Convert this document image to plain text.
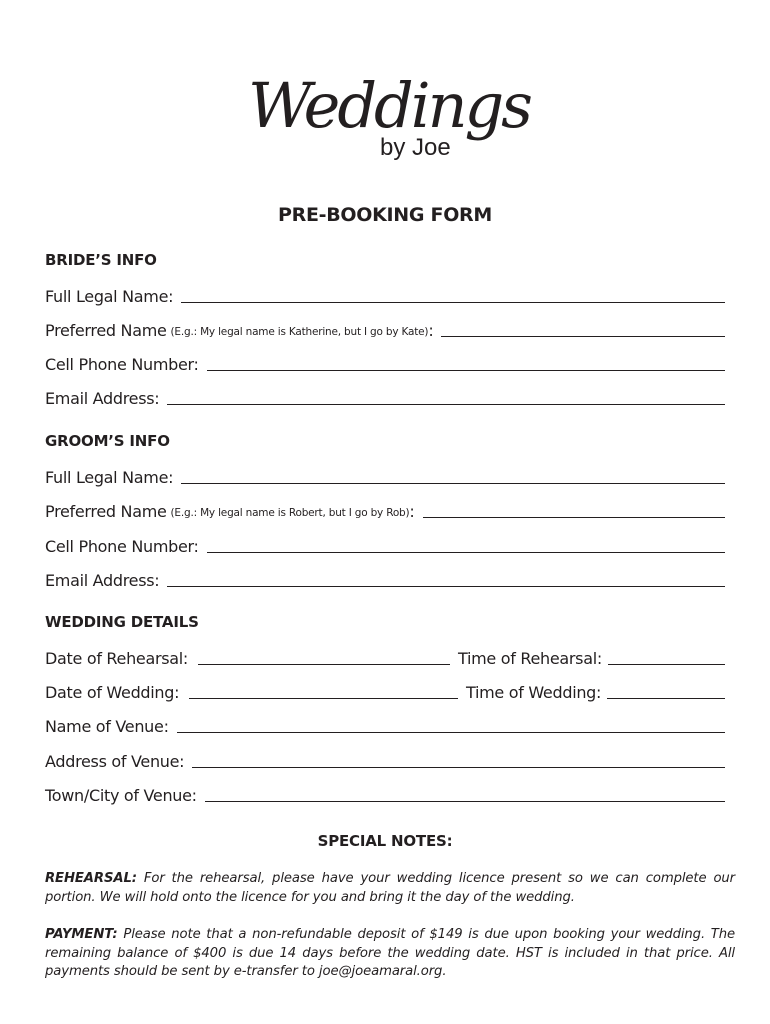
Weddings
by Joe
PRE-BOOKING FORM
BRIDE’S INFO
Full Legal Name:
Preferred Name (E.g.: My legal name is Katherine, but I go by Kate) :
Cell Phone Number:
Email Address:
GROOM’S INFO
Full Legal Name:
Preferred Name (E.g.: My legal name is Robert, but I go by Rob) :
Cell Phone Number:
Email Address:
WEDDING DETAILS
Date of Rehearsal:	Time of Rehearsal:
Date of Wedding:	Time of Wedding:
Name of Venue:
Address of Venue:
Town/City of Venue:
SPECIAL NOTES:
REHEARSAL: For the rehearsal, please have your wedding licence present so we can complete our portion. We will hold onto the licence for you and bring it the day of the wedding.
PAYMENT: Please note that a non-refundable deposit of $149 is due upon booking your wedding. The remaining balance of $400 is due 14 days before the wedding date. HST is included in that price. All payments should be sent by e-transfer to joe@joeamaral.org.
